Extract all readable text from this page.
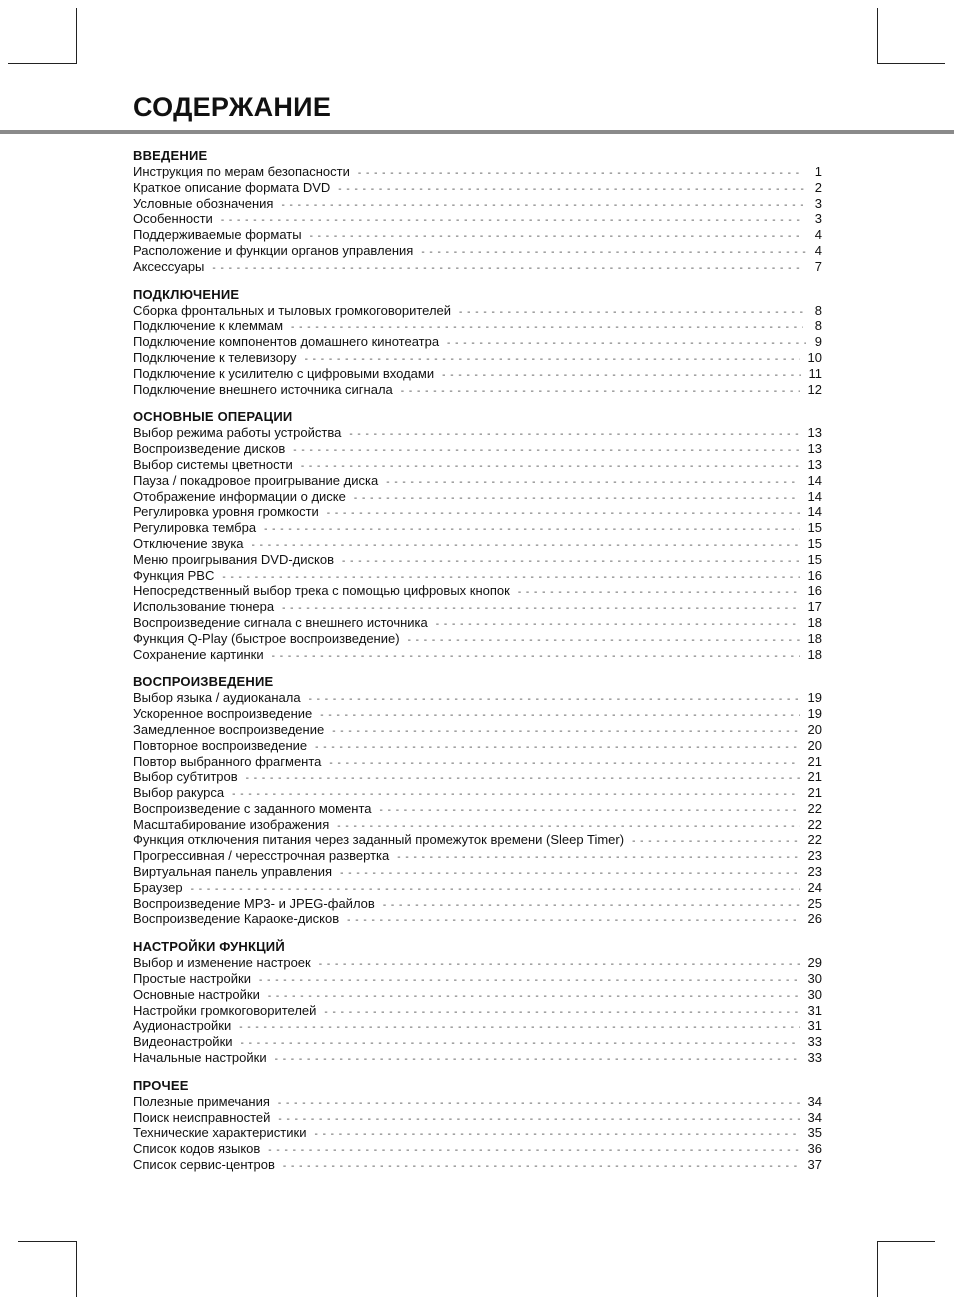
СОДЕРЖАНИЕ
ВВЕДЕНИЕ
Инструкция по мерам безопасности - - -	1
Краткое описание формата DVD - - -	2
Условные обозначения - - -	3
Особенности - - -	3
Поддерживаемые форматы - - -	4
Расположение и функции органов управления - - -	4
Аксессуары - - -	7
ПОДКЛЮЧЕНИЕ
Сборка фронтальных и тыловых громкоговорителей - - -	8
Подключение к клеммам - - -	8
Подключение компонентов домашнего кинотеатра - - -	9
Подключение к телевизору - - -	10
Подключение к усилителю с цифровыми входами - - -	11
Подключение внешнего источника сигнала - - -	12
ОСНОВНЫЕ ОПЕРАЦИИ
Выбор режима работы устройства - - -	13
Воспроизведение дисков - - -	13
Выбор системы цветности - - -	13
Пауза / покадровое проигрывание диска - - -	14
Отображение информации о диске - - -	14
Регулировка уровня громкости - - -	14
Регулировка тембра - - -	15
Отключение звука - - -	15
Меню проигрывания DVD-дисков - - -	15
Функция PBC - - -	16
Непосредственный выбор трека с помощью цифровых кнопок - - -	16
Использование тюнера - - -	17
Воспроизведение сигнала с внешнего источника - - -	18
Функция Q-Play (быстрое воспроизведение) - - -	18
Сохранение картинки - - -	18
ВОСПРОИЗВЕДЕНИЕ
Выбор языка / аудиоканала - - -	19
Ускоренное воспроизведение - - -	19
Замедленное воспроизведение - - -	20
Повторное воспроизведение - - -	20
Повтор выбранного фрагмента - - -	21
Выбор субтитров - - -	21
Выбор ракурса - - -	21
Воспроизведение с заданного момента - - -	22
Масштабирование изображения - - -	22
Функция отключения питания через заданный промежуток времени (Sleep Timer) - - -	22
Прогрессивная / чересстрочная развертка - - -	23
Виртуальная панель управления - - -	23
Браузер - - -	24
Воспроизведение MP3- и JPEG-файлов - - -	25
Воспроизведение Караоке-дисков - - -	26
НАСТРОЙКИ ФУНКЦИЙ
Выбор и изменение настроек - - -	29
Простые настройки - - -	30
Основные настройки - - -	30
Настройки громкоговорителей - - -	31
Аудионастройки - - -	31
Видеонастройки - - -	33
Начальные настройки - - -	33
ПРОЧЕЕ
Полезные примечания - - -	34
Поиск неисправностей - - -	34
Технические характеристики - - -	35
Список кодов языков - - -	36
Список сервис-центров - - -	37
